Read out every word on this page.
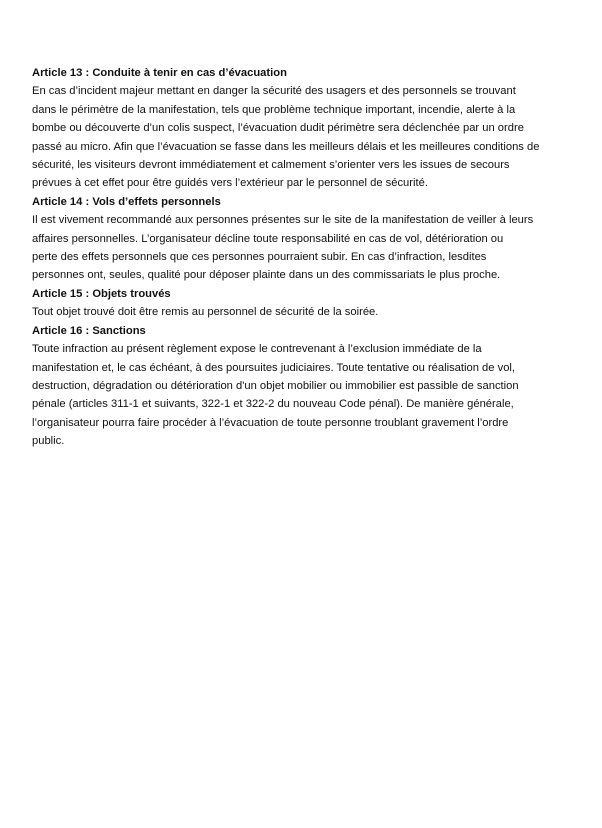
Article 13 : Conduite à tenir en cas d’évacuation
En cas d’incident majeur mettant en danger la sécurité des usagers et des personnels se trouvant
dans le périmètre de la manifestation, tels que problème technique important, incendie, alerte à la
bombe ou découverte d’un colis suspect, l’évacuation dudit périmètre sera déclenchée par un ordre
passé au micro. Afin que l’évacuation se fasse dans les meilleurs délais et les meilleures conditions de
sécurité, les visiteurs devront immédiatement et calmement s’orienter vers les issues de secours
prévues à cet effet pour être guidés vers l’extérieur par le personnel de sécurité.
Article 14 : Vols d’effets personnels
Il est vivement recommandé aux personnes présentes sur le site de la manifestation de veiller à leurs
affaires personnelles. L’organisateur décline toute responsabilité en cas de vol, détérioration ou
perte des effets personnels que ces personnes pourraient subir. En cas d’infraction, lesdites
personnes ont, seules, qualité pour déposer plainte dans un des commissariats le plus proche.
Article 15 : Objets trouvés
Tout objet trouvé doit être remis au personnel de sécurité de la soirée.
Article 16 : Sanctions
Toute infraction au présent règlement expose le contrevenant à l’exclusion immédiate de la
manifestation et, le cas échéant, à des poursuites judiciaires. Toute tentative ou réalisation de vol,
destruction, dégradation ou détérioration d'un objet mobilier ou immobilier est passible de sanction
pénale (articles 311-1 et suivants, 322-1 et 322-2 du nouveau Code pénal). De manière générale,
l’organisateur pourra faire procéder à l’évacuation de toute personne troublant gravement l’ordre
public.
